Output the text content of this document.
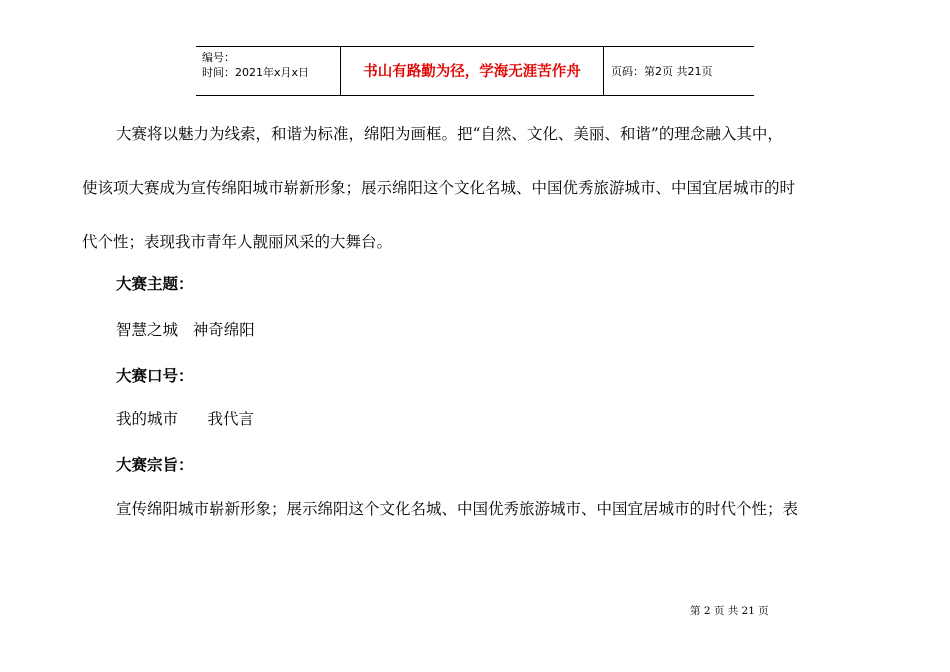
编号：
时间：2021年x月x日	书山有路勤为径，学海无涯苦作舟	页码：第2页 共21页
大赛将以魅力为线索，和谐为标准，绵阳为画框。把“自然、文化、美丽、和谐”的理念融入其中，
使该项大赛成为宣传绵阳城市崭新形象；展示绵阳这个文化名城、中国优秀旅游城市、中国宜居城市的时
代个性；表现我市青年人靓丽风采的大舞台。
大赛主题：
智慧之城   神奇绵阳
大赛口号：
我的城市      我代言
大赛宗旨：
宣传绵阳城市崭新形象；展示绵阳这个文化名城、中国优秀旅游城市、中国宜居城市的时代个性；表
第 2 页 共 21 页
